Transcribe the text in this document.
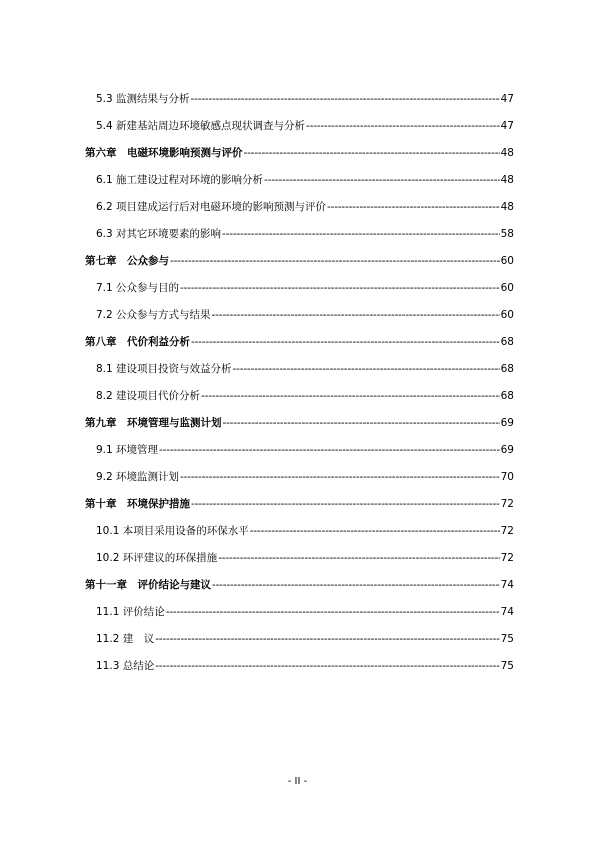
5.3 监测结果与分析 -----	47
5.4 新建基站周边环境敏感点现状调查与分析 -----	47
第六章　电磁环境影响预测与评价 -----	48
6.1 施工建设过程对环境的影响分析 -----	48
6.2 项目建成运行后对电磁环境的影响预测与评价 -----	48
6.3 对其它环境要素的影响 -----	58
第七章　公众参与 -----	60
7.1 公众参与目的 -----	60
7.2 公众参与方式与结果 -----	60
第八章　代价利益分析 -----	68
8.1 建设项目投资与效益分析 -----	68
8.2 建设项目代价分析 -----	68
第九章　环境管理与监测计划 -----	69
9.1 环境管理 -----	69
9.2 环境监测计划 -----	70
第十章　环境保护措施 -----	72
10.1 本项目采用设备的环保水平 -----	72
10.2 环评建议的环保措施 -----	72
第十一章　评价结论与建议 -----	74
11.1 评价结论 -----	74
11.2 建　议 -----	75
11.3 总结论 -----	75
- II -
